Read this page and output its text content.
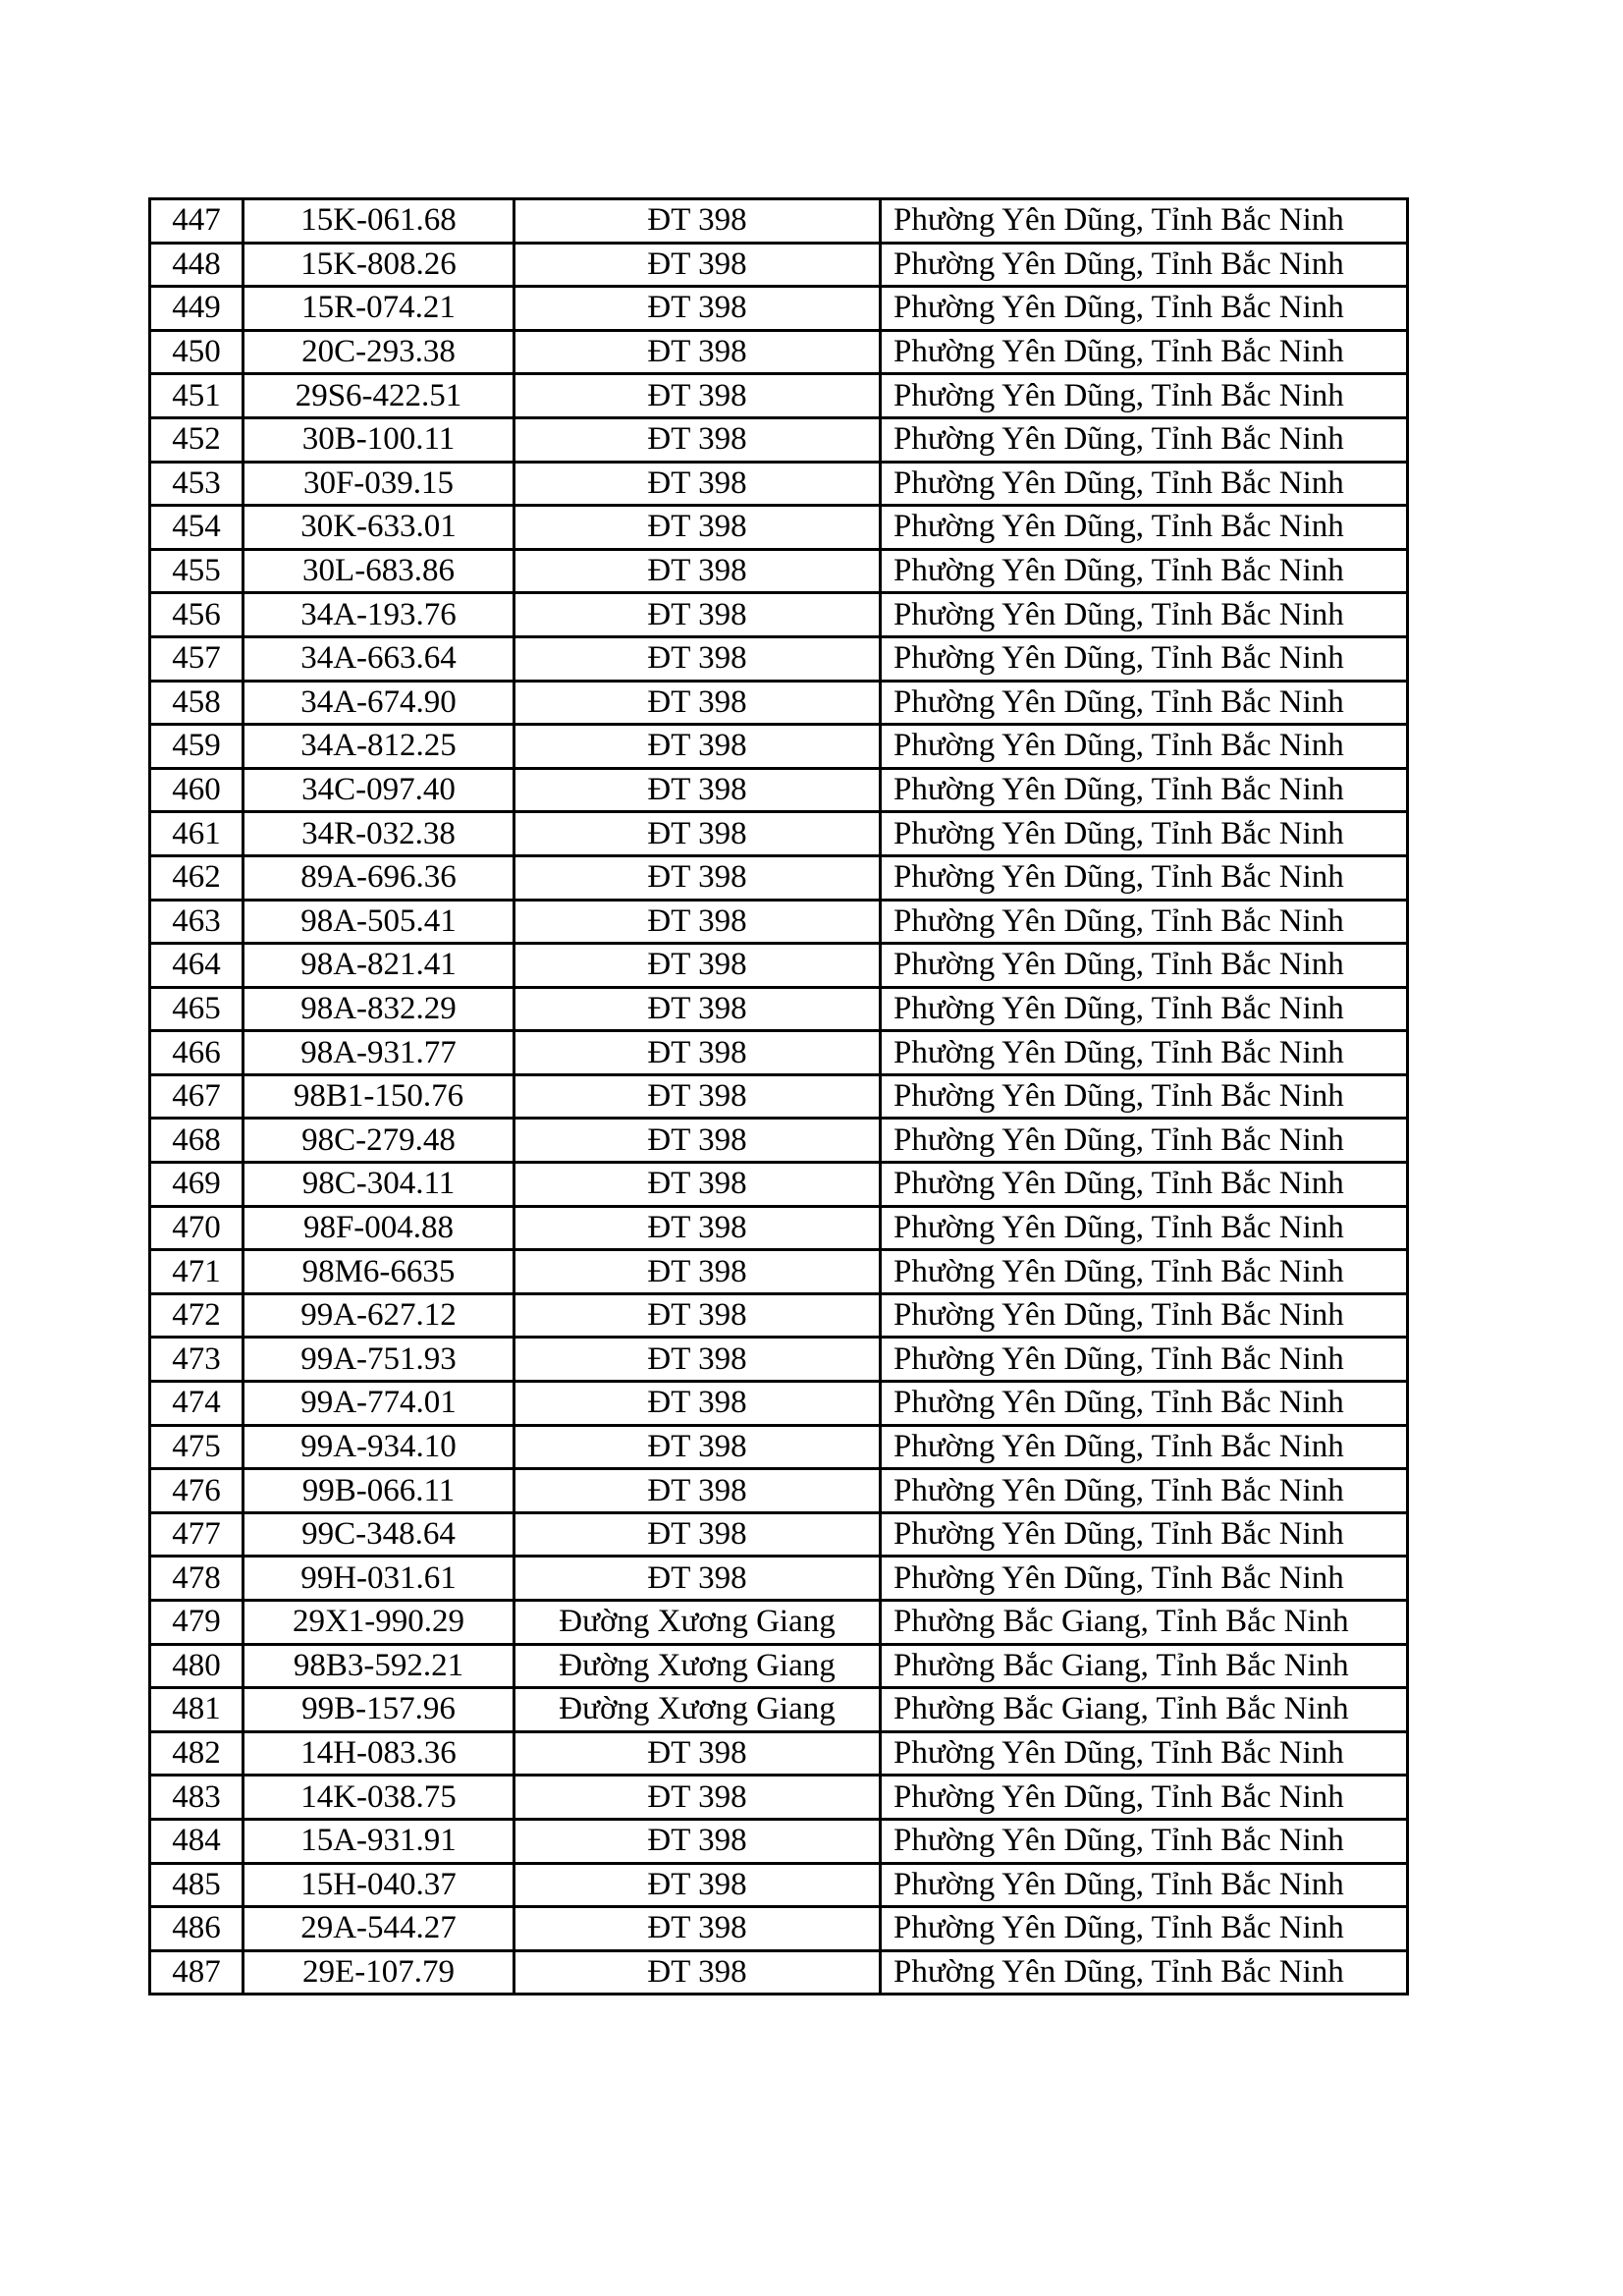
447	15K-061.68	ĐT 398	Phường Yên Dũng, Tỉnh Bắc Ninh
448	15K-808.26	ĐT 398	Phường Yên Dũng, Tỉnh Bắc Ninh
449	15R-074.21	ĐT 398	Phường Yên Dũng, Tỉnh Bắc Ninh
450	20C-293.38	ĐT 398	Phường Yên Dũng, Tỉnh Bắc Ninh
451	29S6-422.51	ĐT 398	Phường Yên Dũng, Tỉnh Bắc Ninh
452	30B-100.11	ĐT 398	Phường Yên Dũng, Tỉnh Bắc Ninh
453	30F-039.15	ĐT 398	Phường Yên Dũng, Tỉnh Bắc Ninh
454	30K-633.01	ĐT 398	Phường Yên Dũng, Tỉnh Bắc Ninh
455	30L-683.86	ĐT 398	Phường Yên Dũng, Tỉnh Bắc Ninh
456	34A-193.76	ĐT 398	Phường Yên Dũng, Tỉnh Bắc Ninh
457	34A-663.64	ĐT 398	Phường Yên Dũng, Tỉnh Bắc Ninh
458	34A-674.90	ĐT 398	Phường Yên Dũng, Tỉnh Bắc Ninh
459	34A-812.25	ĐT 398	Phường Yên Dũng, Tỉnh Bắc Ninh
460	34C-097.40	ĐT 398	Phường Yên Dũng, Tỉnh Bắc Ninh
461	34R-032.38	ĐT 398	Phường Yên Dũng, Tỉnh Bắc Ninh
462	89A-696.36	ĐT 398	Phường Yên Dũng, Tỉnh Bắc Ninh
463	98A-505.41	ĐT 398	Phường Yên Dũng, Tỉnh Bắc Ninh
464	98A-821.41	ĐT 398	Phường Yên Dũng, Tỉnh Bắc Ninh
465	98A-832.29	ĐT 398	Phường Yên Dũng, Tỉnh Bắc Ninh
466	98A-931.77	ĐT 398	Phường Yên Dũng, Tỉnh Bắc Ninh
467	98B1-150.76	ĐT 398	Phường Yên Dũng, Tỉnh Bắc Ninh
468	98C-279.48	ĐT 398	Phường Yên Dũng, Tỉnh Bắc Ninh
469	98C-304.11	ĐT 398	Phường Yên Dũng, Tỉnh Bắc Ninh
470	98F-004.88	ĐT 398	Phường Yên Dũng, Tỉnh Bắc Ninh
471	98M6-6635	ĐT 398	Phường Yên Dũng, Tỉnh Bắc Ninh
472	99A-627.12	ĐT 398	Phường Yên Dũng, Tỉnh Bắc Ninh
473	99A-751.93	ĐT 398	Phường Yên Dũng, Tỉnh Bắc Ninh
474	99A-774.01	ĐT 398	Phường Yên Dũng, Tỉnh Bắc Ninh
475	99A-934.10	ĐT 398	Phường Yên Dũng, Tỉnh Bắc Ninh
476	99B-066.11	ĐT 398	Phường Yên Dũng, Tỉnh Bắc Ninh
477	99C-348.64	ĐT 398	Phường Yên Dũng, Tỉnh Bắc Ninh
478	99H-031.61	ĐT 398	Phường Yên Dũng, Tỉnh Bắc Ninh
479	29X1-990.29	Đường Xương Giang	Phường Bắc Giang, Tỉnh Bắc Ninh
480	98B3-592.21	Đường Xương Giang	Phường Bắc Giang, Tỉnh Bắc Ninh
481	99B-157.96	Đường Xương Giang	Phường Bắc Giang, Tỉnh Bắc Ninh
482	14H-083.36	ĐT 398	Phường Yên Dũng, Tỉnh Bắc Ninh
483	14K-038.75	ĐT 398	Phường Yên Dũng, Tỉnh Bắc Ninh
484	15A-931.91	ĐT 398	Phường Yên Dũng, Tỉnh Bắc Ninh
485	15H-040.37	ĐT 398	Phường Yên Dũng, Tỉnh Bắc Ninh
486	29A-544.27	ĐT 398	Phường Yên Dũng, Tỉnh Bắc Ninh
487	29E-107.79	ĐT 398	Phường Yên Dũng, Tỉnh Bắc Ninh
